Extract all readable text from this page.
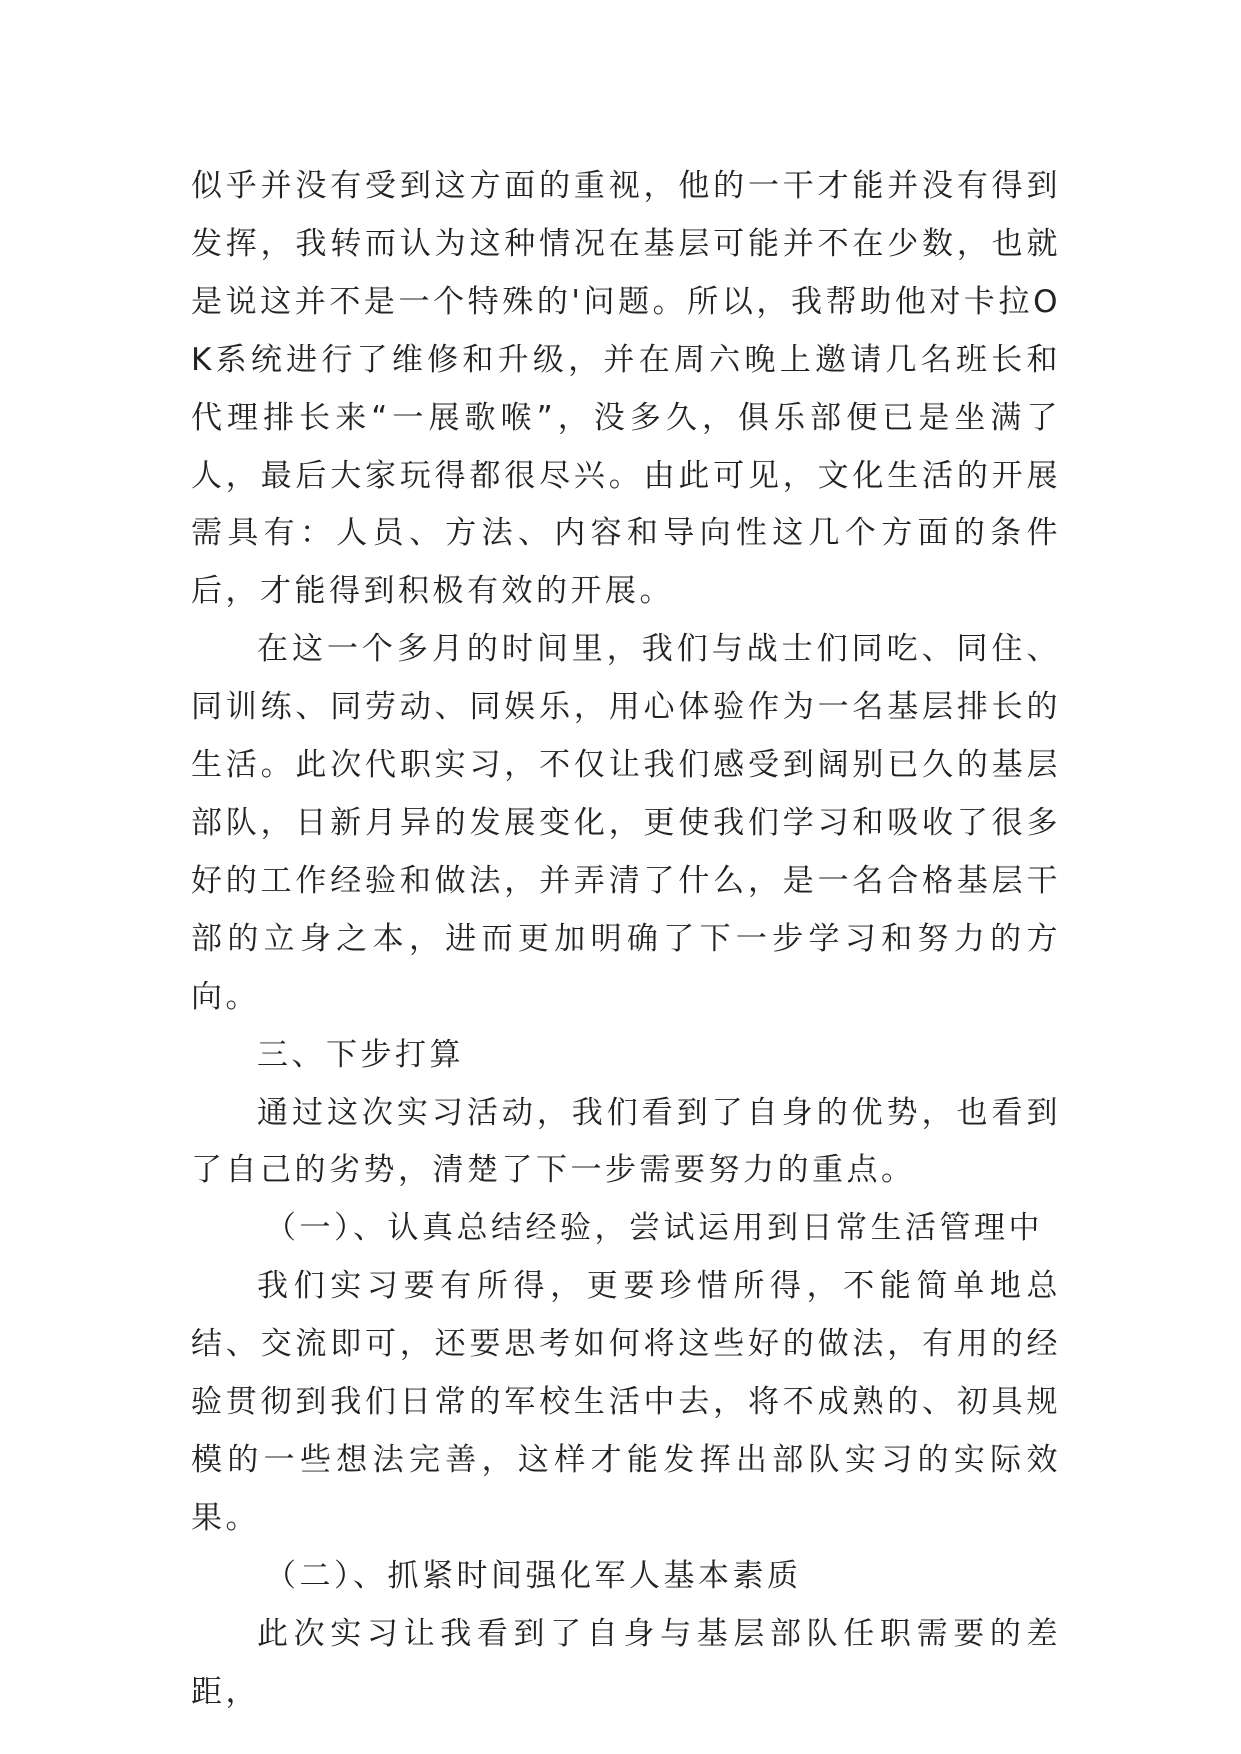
似乎并没有受到这方面的重视，他的一干才能并没有得到发挥，我转而认为这种情况在基层可能并不在少数，也就是说这并不是一个特殊的'问题。所以，我帮助他对卡拉OK系统进行了维修和升级，并在周六晚上邀请几名班长和代理排长来“一展歌喉”，没多久，俱乐部便已是坐满了人，最后大家玩得都很尽兴。由此可见，文化生活的开展需具有：人员、方法、内容和导向性这几个方面的条件后，才能得到积极有效的开展。

在这一个多月的时间里，我们与战士们同吃、同住、同训练、同劳动、同娱乐，用心体验作为一名基层排长的生活。此次代职实习，不仅让我们感受到阔别已久的基层部队，日新月异的发展变化，更使我们学习和吸收了很多好的工作经验和做法，并弄清了什么，是一名合格基层干部的立身之本，进而更加明确了下一步学习和努力的方向。

三、下步打算

通过这次实习活动，我们看到了自身的优势，也看到了自己的劣势，清楚了下一步需要努力的重点。

（一）、认真总结经验，尝试运用到日常生活管理中

我们实习要有所得，更要珍惜所得，不能简单地总结、交流即可，还要思考如何将这些好的做法，有用的经验贯彻到我们日常的军校生活中去，将不成熟的、初具规模的一些想法完善，这样才能发挥出部队实习的实际效果。

（二）、抓紧时间强化军人基本素质

此次实习让我看到了自身与基层部队任职需要的差距，
